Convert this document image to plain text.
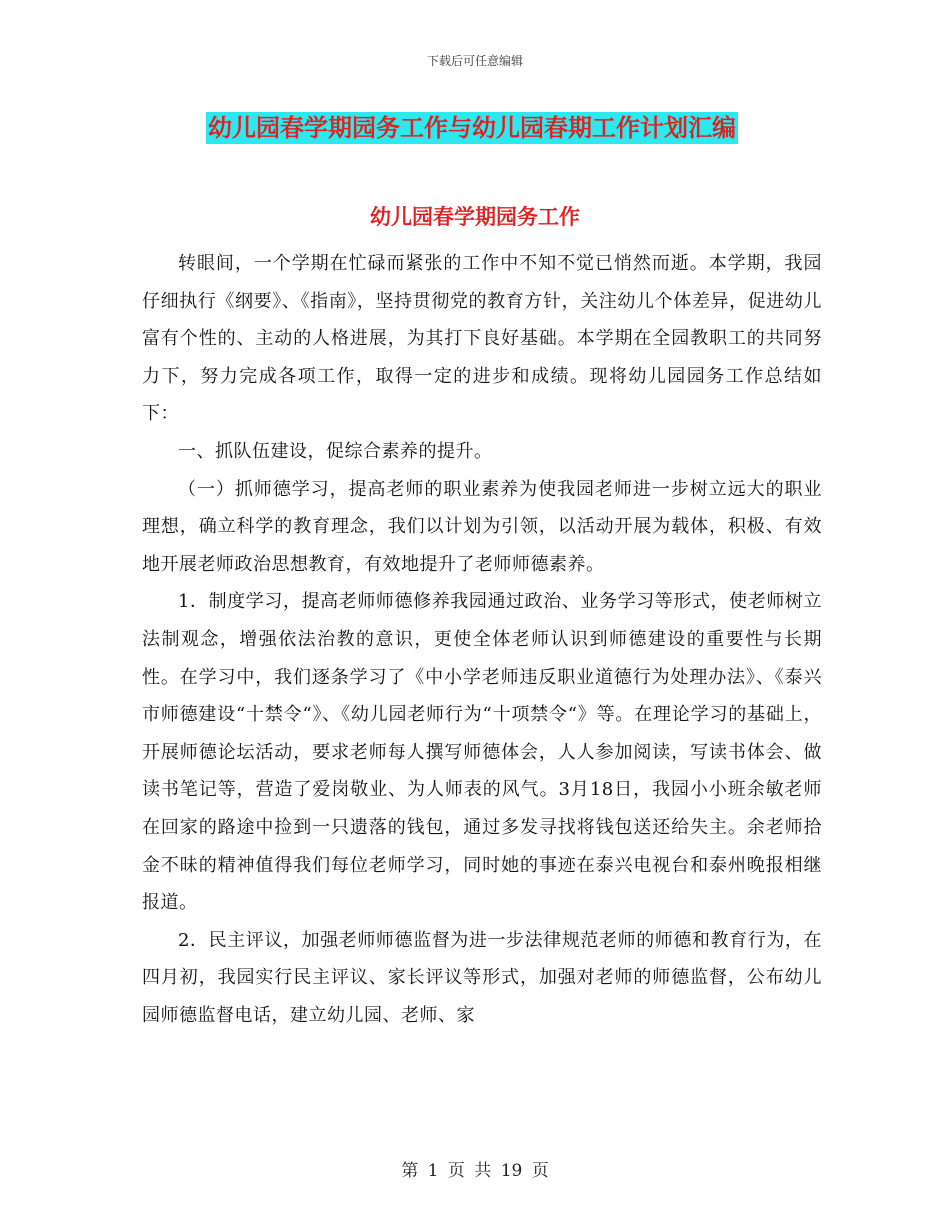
下载后可任意编辑
幼儿园春学期园务工作与幼儿园春期工作计划汇编
幼儿园春学期园务工作

转眼间，一个学期在忙碌而紧张的工作中不知不觉已悄然而逝。本学期，我园仔细执行《纲要》、《指南》，坚持贯彻党的教育方针，关注幼儿个体差异，促进幼儿富有个性的、主动的人格进展，为其打下良好基础。本学期在全园教职工的共同努力下，努力完成各项工作，取得一定的进步和成绩。现将幼儿园园务工作总结如下：

一、抓队伍建设，促综合素养的提升。

（一）抓师德学习，提高老师的职业素养为使我园老师进一步树立远大的职业理想，确立科学的教育理念，我们以计划为引领，以活动开展为载体，积极、有效地开展老师政治思想教育，有效地提升了老师师德素养。

1．制度学习，提高老师师德修养我园通过政治、业务学习等形式，使老师树立法制观念，增强依法治教的意识，更使全体老师认识到师德建设的重要性与长期性。在学习中，我们逐条学习了《中小学老师违反职业道德行为处理办法》、《泰兴市师德建设“十禁令“》、《幼儿园老师行为“十项禁令“》等。在理论学习的基础上，开展师德论坛活动，要求老师每人撰写师德体会，人人参加阅读，写读书体会、做读书笔记等，营造了爱岗敬业、为人师表的风气。3月18日，我园小小班余敏老师在回家的路途中捡到一只遗落的钱包，通过多发寻找将钱包送还给失主。余老师拾金不昧的精神值得我们每位老师学习，同时她的事迹在泰兴电视台和泰州晚报相继报道。

2．民主评议，加强老师师德监督为进一步法律规范老师的师德和教育行为，在四月初，我园实行民主评议、家长评议等形式，加强对老师的师德监督，公布幼儿园师德监督电话，建立幼儿园、老师、家

第 1 页 共 19 页
